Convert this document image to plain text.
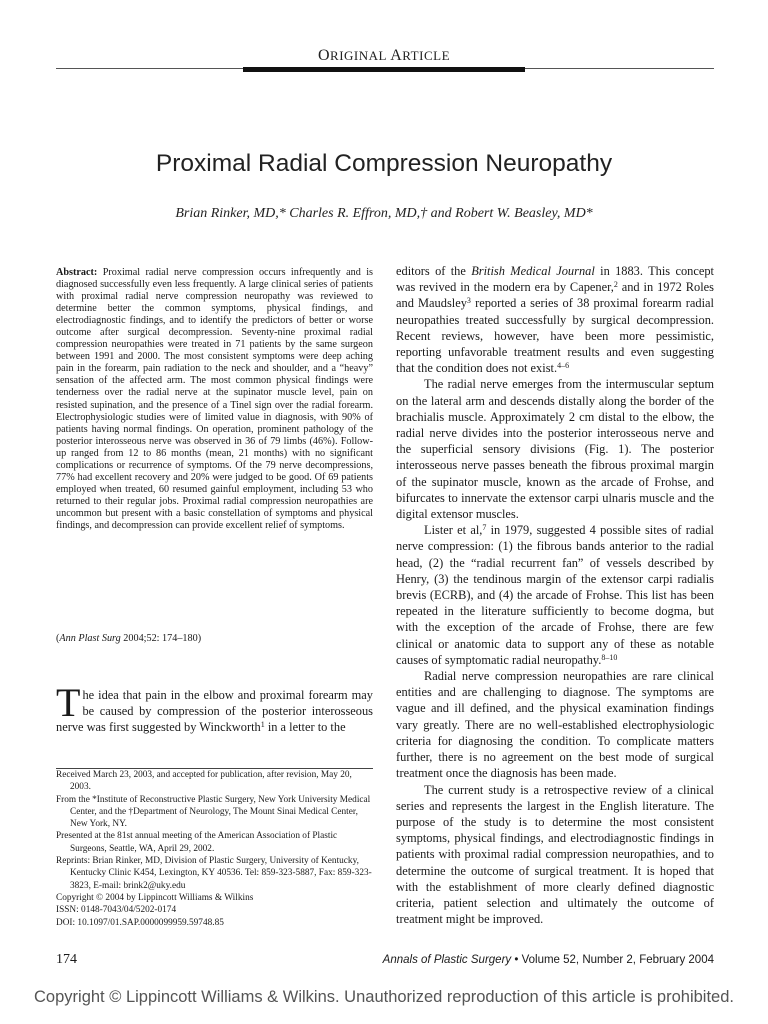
ORIGINAL ARTICLE
Proximal Radial Compression Neuropathy
Brian Rinker, MD,* Charles R. Effron, MD,† and Robert W. Beasley, MD*
Abstract: Proximal radial nerve compression occurs infrequently and is diagnosed successfully even less frequently. A large clinical series of patients with proximal radial nerve compression neuropathy was reviewed to determine better the common symptoms, physical findings, and electrodiagnostic findings, and to identify the predictors of better or worse outcome after surgical decompression. Seventy-nine proximal radial compression neuropathies were treated in 71 patients by the same surgeon between 1991 and 2000. The most consistent symptoms were deep aching pain in the forearm, pain radiation to the neck and shoulder, and a “heavy” sensation of the affected arm. The most common physical findings were tenderness over the radial nerve at the supinator muscle level, pain on resisted supination, and the presence of a Tinel sign over the radial forearm. Electrophysiologic studies were of limited value in diagnosis, with 90% of patients having normal findings. On operation, prominent pathology of the posterior interosseous nerve was observed in 36 of 79 limbs (46%). Follow-up ranged from 12 to 86 months (mean, 21 months) with no significant complications or recurrence of symptoms. Of the 79 nerve decompressions, 77% had excellent recovery and 20% were judged to be good. Of 69 patients employed when treated, 60 resumed gainful employment, including 53 who returned to their regular jobs. Proximal radial compression neuropathies are uncommon but present with a basic constellation of symptoms and physical findings, and decompression can provide excellent relief of symptoms.
(Ann Plast Surg 2004;52: 174–180)
The idea that pain in the elbow and proximal forearm may be caused by compression of the posterior interosseous nerve was first suggested by Winckworth$^1$ in a letter to the

Received March 23, 2003, and accepted for publication, after revision, May 20, 2003.

From the *Institute of Reconstructive Plastic Surgery, New York University Medical Center, and the †Department of Neurology, The Mount Sinai Medical Center, New York, NY.

Presented at the 81st annual meeting of the American Association of Plastic Surgeons, Seattle, WA, April 29, 2002.

Reprints: Brian Rinker, MD, Division of Plastic Surgery, University of Kentucky, Kentucky Clinic K454, Lexington, KY 40536. Tel: 859-323-5887, Fax: 859-323-3823, E-mail: brink2@uky.edu

Copyright © 2004 by Lippincott Williams & Wilkins

ISSN: 0148-7043/04/5202-0174

DOI: 10.1097/01.SAP.0000099959.59748.85

editors of the British Medical Journal in 1883. This concept was revived in the modern era by Capener,$^2$ and in 1972 Roles and Maudsley$^3$ reported a series of 38 proximal forearm radial neuropathies treated successfully by surgical decompression. Recent reviews, however, have been more pessimistic, reporting unfavorable treatment results and even suggesting that the condition does not exist.$^{4-6}$

The radial nerve emerges from the intermuscular septum on the lateral arm and descends distally along the border of the brachialis muscle. Approximately 2 cm distal to the elbow, the radial nerve divides into the posterior interosseous nerve and the superficial sensory divisions (Fig. 1). The posterior interosseous nerve passes beneath the fibrous proximal margin of the supinator muscle, known as the arcade of Frohse, and bifurcates to innervate the extensor carpi ulnaris muscle and the digital extensor muscles.

Lister et al,$^7$ in 1979, suggested 4 possible sites of radial nerve compression: (1) the fibrous bands anterior to the radial head, (2) the “radial recurrent fan” of vessels described by Henry, (3) the tendinous margin of the extensor carpi radialis brevis (ECRB), and (4) the arcade of Frohse. This list has been repeated in the literature sufficiently to become dogma, but with the exception of the arcade of Frohse, there are few clinical or anatomic data to support any of these as notable causes of symptomatic radial neuropathy.$^{8-10}$

Radial nerve compression neuropathies are rare clinical entities and are challenging to diagnose. The symptoms are vague and ill defined, and the physical examination findings vary greatly. There are no well-established electrophysiologic criteria for diagnosing the condition. To complicate matters further, there is no agreement on the best mode of surgical treatment once the diagnosis has been made.

The current study is a retrospective review of a clinical series and represents the largest in the English literature. The purpose of the study is to determine the most consistent symptoms, physical findings, and electrodiagnostic findings in patients with proximal radial compression neuropathies, and to determine the outcome of surgical treatment. It is hoped that with the establishment of more clearly defined diagnostic criteria, patient selection and ultimately the outcome of treatment might be improved.

174	Annals of Plastic Surgery • Volume 52, Number 2, February 2004
Copyright © Lippincott Williams & Wilkins. Unauthorized reproduction of this article is prohibited.
